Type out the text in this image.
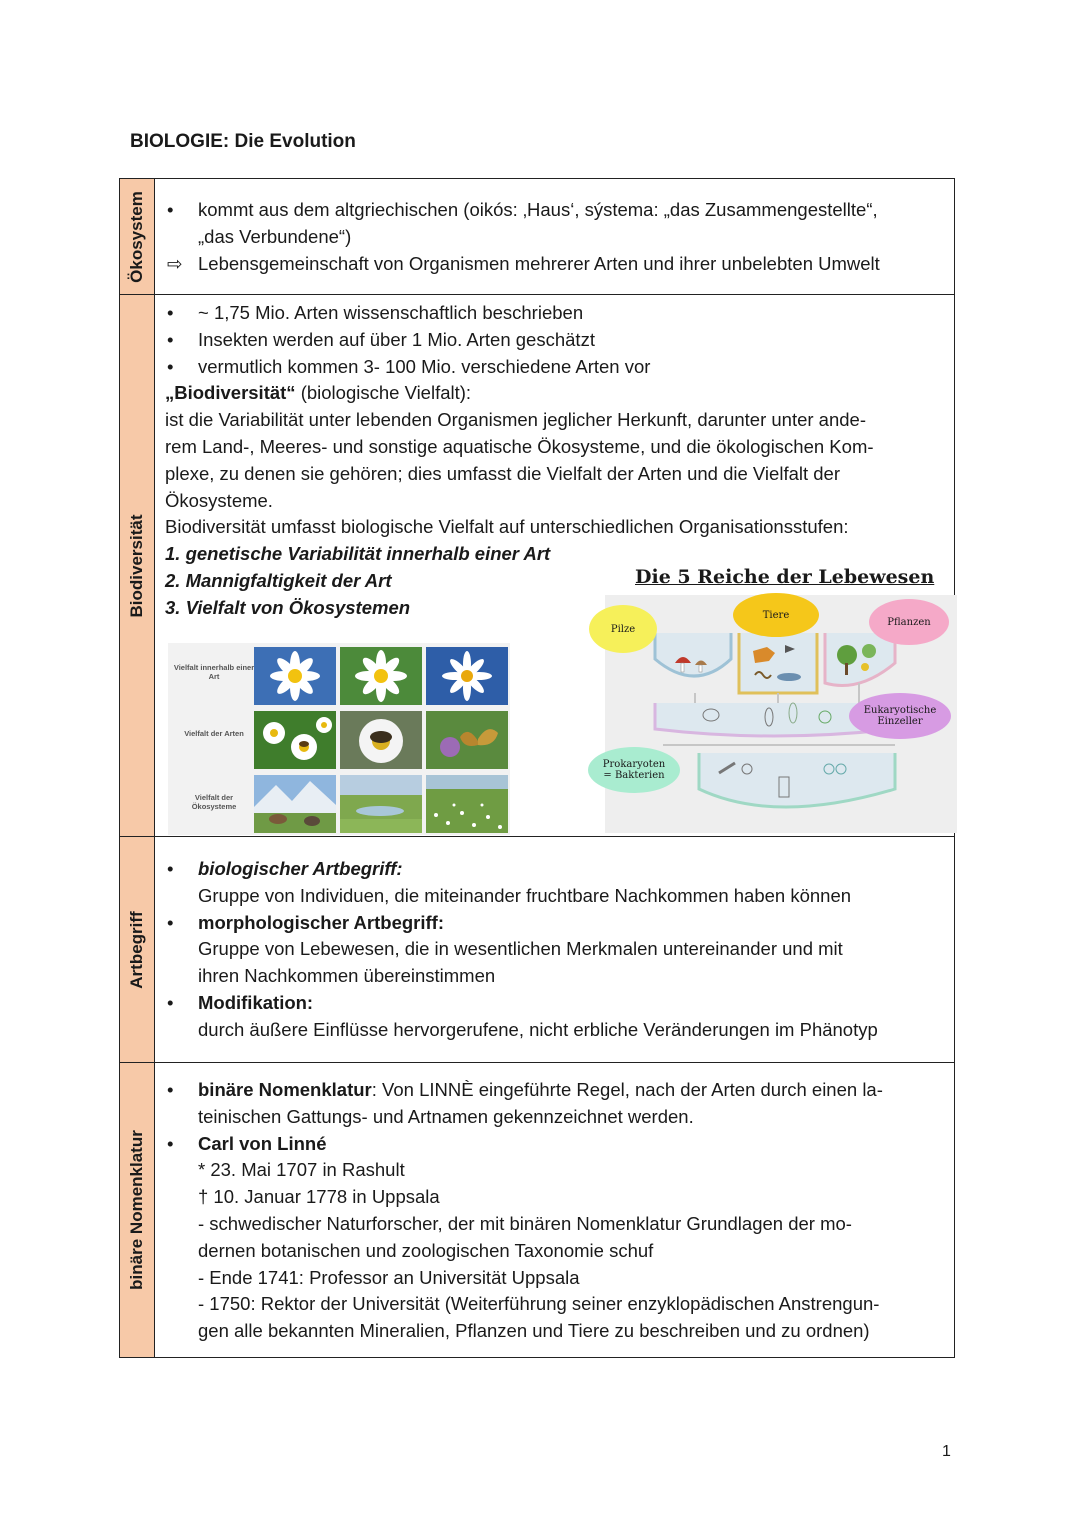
BIOLOGIE: Die Evolution
Ökosystem • kommt aus dem altgriechischen (oikós: ‚Haus‘, sýstema: „das Zusammengestellte“,
„das Verbundene“)
⇨ Lebensgemeinschaft von Organismen mehrerer Arten und ihrer unbelebten Umwelt
Biodiversität
• ~ 1,75 Mio. Arten wissenschaftlich beschrieben
• Insekten werden auf über 1 Mio. Arten geschätzt
• vermutlich kommen 3- 100 Mio. verschiedene Arten vor
„Biodiversität“ (biologische Vielfalt):
ist die Variabilität unter lebenden Organismen jeglicher Herkunft, darunter unter ande-
rem Land-, Meeres- und sonstige aquatische Ökosysteme, und die ökologischen Kom-
plexe, zu denen sie gehören; dies umfasst die Vielfalt der Arten und die Vielfalt der
Ökosysteme.
Biodiversität umfasst biologische Vielfalt auf unterschiedlichen Organisationsstufen:
1. genetische Variabilität innerhalb einer Art
2. Mannigfaltigkeit der Art
3. Vielfalt von Ökosystemen
Vielfalt innerhalb einer Art
Vielfalt der Arten
Vielfalt der Ökosysteme
Die 5 Reiche der Lebewesen
Pilze
Tiere
Pflanzen
Eukaryotische
Einzeller
Prokaryoten
= Bakterien
Artbegriff
• biologischer Artbegriff:
Gruppe von Individuen, die miteinander fruchtbare Nachkommen haben können
• morphologischer Artbegriff:
Gruppe von Lebewesen, die in wesentlichen Merkmalen untereinander und mit
ihren Nachkommen übereinstimmen
• Modifikation:
durch äußere Einflüsse hervorgerufene, nicht erbliche Veränderungen im Phänotyp
binäre Nomenklatur
• binäre Nomenklatur: Von LINNÈ eingeführte Regel, nach der Arten durch einen la-
teinischen Gattungs- und Artnamen gekennzeichnet werden.
• Carl von Linné
* 23. Mai 1707 in Rashult
† 10. Januar 1778 in Uppsala
- schwedischer Naturforscher, der mit binären Nomenklatur Grundlagen der mo-
dernen botanischen und zoologischen Taxonomie schuf
- Ende 1741: Professor an Universität Uppsala
- 1750: Rektor der Universität (Weiterführung seiner enzyklopädischen Anstrengun-
gen alle bekannten Mineralien, Pflanzen und Tiere zu beschreiben und zu ordnen)
1
